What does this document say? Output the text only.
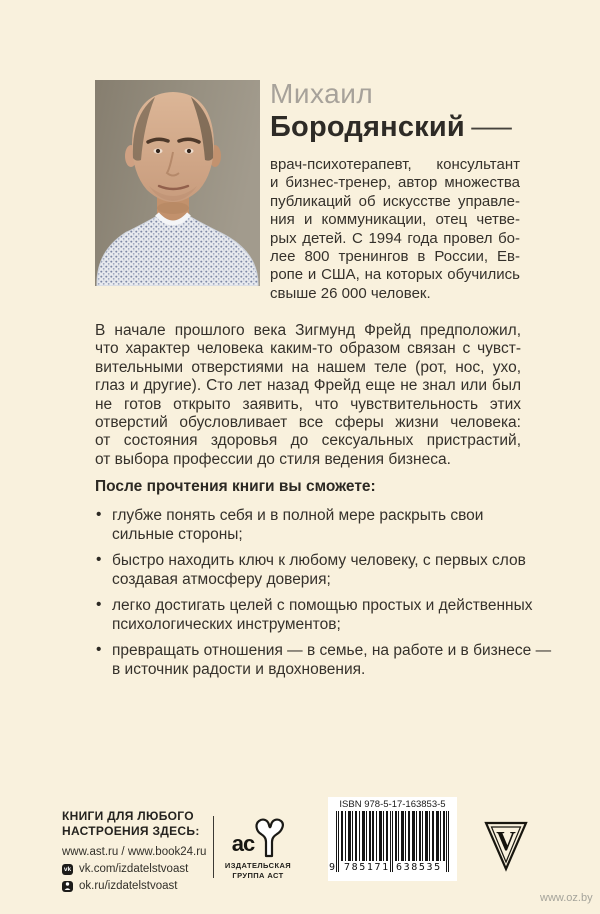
Михаил
Бородянский —
врач-психотерапевт, консультант
и бизнес-тренер, автор множества
публикаций об искусстве управле-
ния и коммуникации, отец четве-
рых детей. С 1994 года провел бо-
лее 800 тренингов в России, Ев-
ропе и США, на которых обучились
свыше 26 000 человек.
В начале прошлого века Зигмунд Фрейд предположил,
что характер человека каким-то образом связан с чувст-
вительными отверстиями на нашем теле (рот, нос, ухо,
глаз и другие). Сто лет назад Фрейд еще не знал или был
не готов открыто заявить, что чувствительность этих
отверстий обусловливает все сферы жизни человека:
от состояния здоровья до сексуальных пристрастий,
от выбора профессии до стиля ведения бизнеса.
После прочтения книги вы сможете:
• глубже понять себя и в полной мере раскрыть свои
сильные стороны;
• быстро находить ключ к любому человеку, с первых слов
создавая атмосферу доверия;
• легко достигать целей с помощью простых и действенных
психологических инструментов;
• превращать отношения — в семье, на работе и в бизнесе —
в источник радости и вдохновения.
КНИГИ ДЛЯ ЛЮБОГО
НАСТРОЕНИЯ ЗДЕСЬ:
www.ast.ru / www.book24.ru
vk vk.com/izdatelstvoast
ok.ru/izdatelstvoast
ac
ИЗДАТЕЛЬСКАЯ
ГРУППА АСТ
ISBN 978-5-17-163853-5
9 785171 638535
V
www.oz.by
